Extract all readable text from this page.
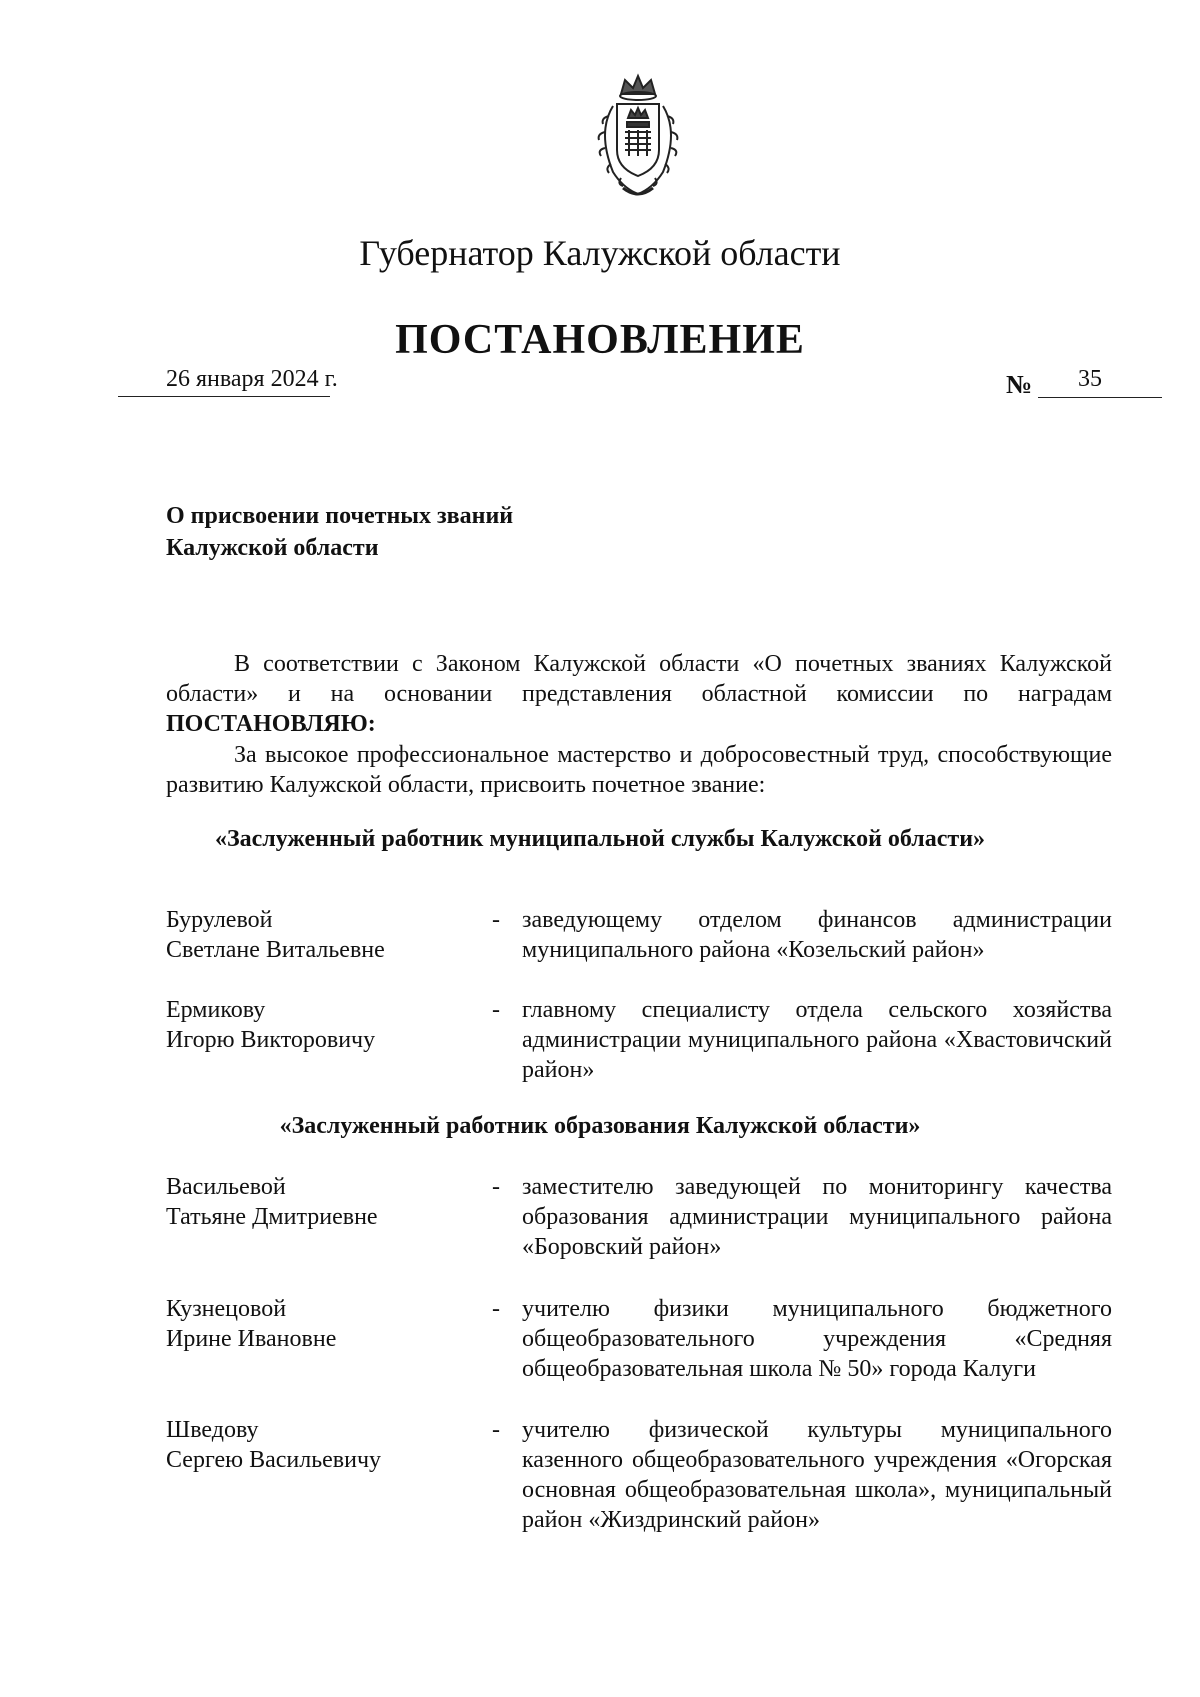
Губернатор Калужской области
ПОСТАНОВЛЕНИЕ
26 января 2024 г.	№ 35
О присвоении почетных званий
Калужской области
В соответствии с Законом Калужской области «О почетных званиях Калужской области» и на основании представления областной комиссии по наградам ПОСТАНОВЛЯЮ:
За высокое профессиональное мастерство и добросовестный труд, способствующие развитию Калужской области, присвоить почетное звание:
«Заслуженный работник муниципальной службы Калужской области»
Бурулевой
Светлане Витальевне
- заведующему отделом финансов администрации муниципального района «Козельский район»
Ермикову
Игорю Викторовичу
- главному специалисту отдела сельского хозяйства администрации муниципального района «Хвастовичский район»
«Заслуженный работник образования Калужской области»
Васильевой
Татьяне Дмитриевне
- заместителю заведующей по мониторингу качества образования администрации муниципального района «Боровский район»
Кузнецовой
Ирине Ивановне
- учителю физики муниципального бюджетного общеобразовательного учреждения «Средняя общеобразовательная школа № 50» города Калуги
Шведову
Сергею Васильевичу
- учителю физической культуры муниципального казенного общеобразовательного учреждения «Огорская основная общеобразовательная школа», муниципальный район «Жиздринский район»
